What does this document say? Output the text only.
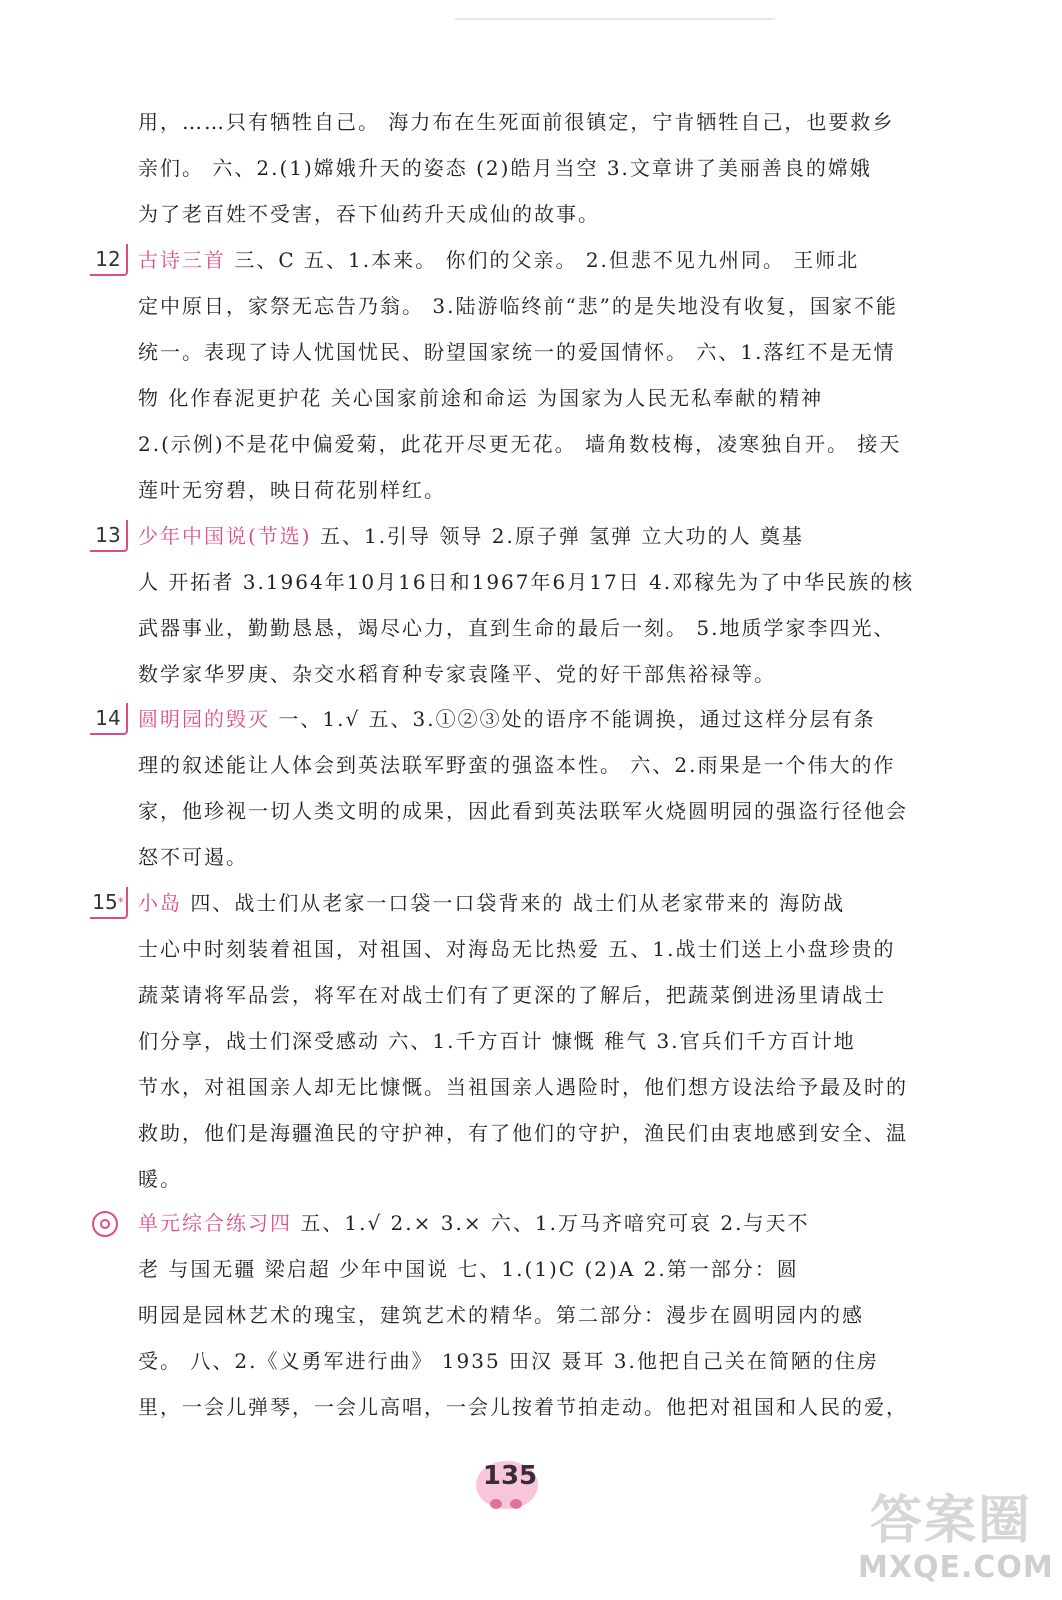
用，……只有牺牲自己。 海力布在生死面前很镇定，宁肯牺牲自己，也要救乡
亲们。 六、2.(1)嫦娥升天的姿态 (2)皓月当空 3.文章讲了美丽善良的嫦娥
为了老百姓不受害，吞下仙药升天成仙的故事。
12 古诗三首 三、C 五、1.本来。 你们的父亲。 2.但悲不见九州同。 王师北
定中原日，家祭无忘告乃翁。 3.陆游临终前“悲”的是失地没有收复，国家不能
统一。表现了诗人忧国忧民、盼望国家统一的爱国情怀。 六、1.落红不是无情
物 化作春泥更护花 关心国家前途和命运 为国家为人民无私奉献的精神
2.(示例)不是花中偏爱菊，此花开尽更无花。 墙角数枝梅，凌寒独自开。 接天
莲叶无穷碧，映日荷花别样红。
13 少年中国说(节选) 五、1.引导 领导 2.原子弹 氢弹 立大功的人 奠基
人 开拓者 3.1964年10月16日和1967年6月17日 4.邓稼先为了中华民族的核
武器事业，勤勤恳恳，竭尽心力，直到生命的最后一刻。 5.地质学家李四光、
数学家华罗庚、杂交水稻育种专家袁隆平、党的好干部焦裕禄等。
14 圆明园的毁灭 一、1.√ 五、3.①②③处的语序不能调换，通过这样分层有条
理的叙述能让人体会到英法联军野蛮的强盗本性。 六、2.雨果是一个伟大的作
家，他珍视一切人类文明的成果，因此看到英法联军火烧圆明园的强盗行径他会
怒不可遏。
15* 小岛 四、战士们从老家一口袋一口袋背来的 战士们从老家带来的 海防战
士心中时刻装着祖国，对祖国、对海岛无比热爱 五、1.战士们送上小盘珍贵的
蔬菜请将军品尝，将军在对战士们有了更深的了解后，把蔬菜倒进汤里请战士
们分享，战士们深受感动 六、1.千方百计 慷慨 稚气 3.官兵们千方百计地
节水，对祖国亲人却无比慷慨。当祖国亲人遇险时，他们想方设法给予最及时的
救助，他们是海疆渔民的守护神，有了他们的守护，渔民们由衷地感到安全、温
暖。
单元综合练习四 五、1.√ 2.× 3.× 六、1.万马齐喑究可哀 2.与天不
老 与国无疆 梁启超 少年中国说 七、1.(1)C (2)A 2.第一部分：圆
明园是园林艺术的瑰宝，建筑艺术的精华。第二部分：漫步在圆明园内的感
受。 八、2.《义勇军进行曲》 1935 田汉 聂耳 3.他把自己关在简陋的住房
里，一会儿弹琴，一会儿高唱，一会儿按着节拍走动。他把对祖国和人民的爱，
135
答案圈
MXQE.COM
